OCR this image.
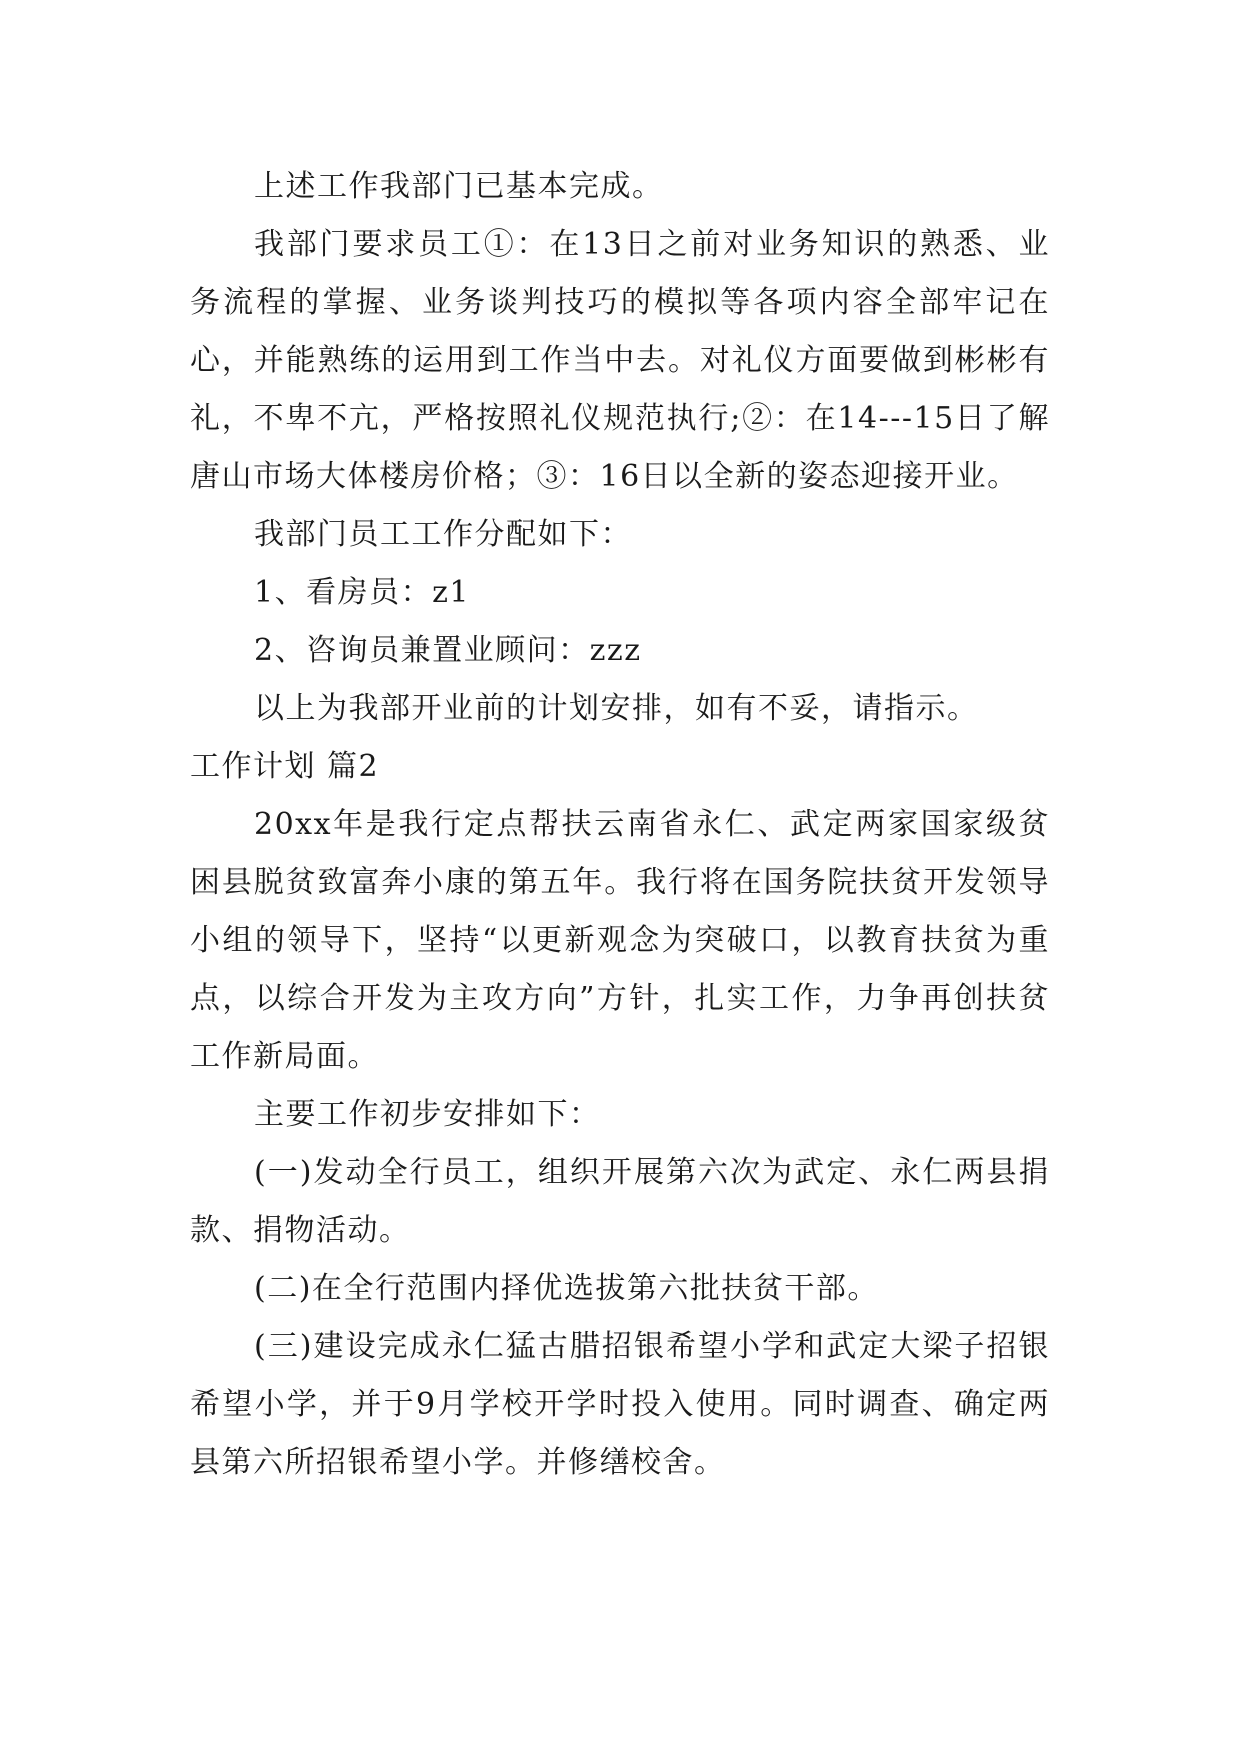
上述工作我部门已基本完成。

我部门要求员工①：在13日之前对业务知识的熟悉、业务流程的掌握、业务谈判技巧的模拟等各项内容全部牢记在心，并能熟练的运用到工作当中去。对礼仪方面要做到彬彬有礼，不卑不亢，严格按照礼仪规范执行;②：在14---15日了解唐山市场大体楼房价格；③：16日以全新的姿态迎接开业。

我部门员工工作分配如下：

1、看房员：z1

2、咨询员兼置业顾问：zzz

以上为我部开业前的计划安排，如有不妥，请指示。

工作计划 篇2

20xx年是我行定点帮扶云南省永仁、武定两家国家级贫困县脱贫致富奔小康的第五年。我行将在国务院扶贫开发领导小组的领导下，坚持“以更新观念为突破口，以教育扶贫为重点，以综合开发为主攻方向”方针，扎实工作，力争再创扶贫工作新局面。

主要工作初步安排如下：

(一)发动全行员工，组织开展第六次为武定、永仁两县捐款、捐物活动。

(二)在全行范围内择优选拔第六批扶贫干部。

(三)建设完成永仁猛古腊招银希望小学和武定大梁子招银希望小学，并于9月学校开学时投入使用。同时调查、确定两县第六所招银希望小学。并修缮校舍。
